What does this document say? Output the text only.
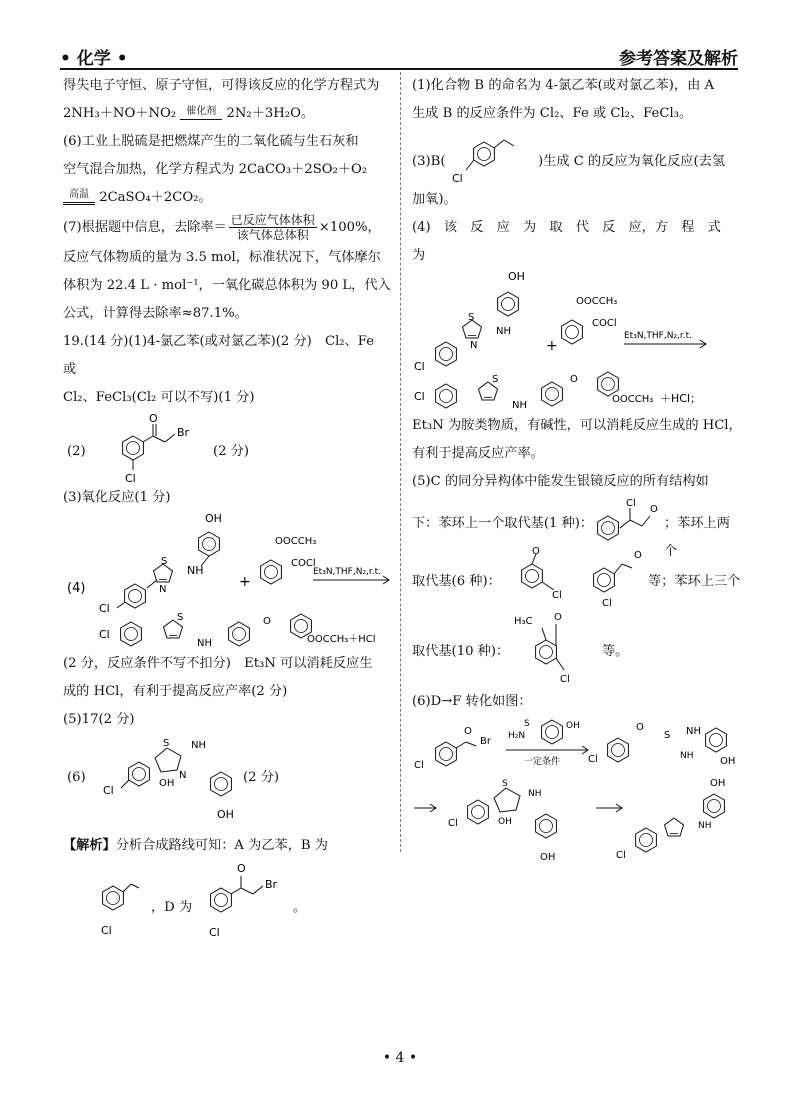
• 化学 •	参考答案及解析

得失电子守恒、原子守恒，可得该反应的化学方程式为

2NH₃＋NO＋NO₂	催化剂 2N₂＋3H₂O。

(6)工业上脱硫是把燃煤产生的二氧化硫与生石灰和

空气混合加热，化学方程式为 2CaCO₃＋2SO₂＋O₂

高温 2CaSO₄＋2CO₂。

(7)根据题中信息，去除率＝ $\frac{\text{已反应气体体积}}{\text{该气体总体积}} \times 100\%$，

反应气体物质的量为 3.5 mol，标准状况下，气体摩尔

体积为 22.4 L · mol⁻¹，一氧化碳总体积为 90 L，代入

公式，计算得去除率≈87.1%。

19.(14 分)(1)4-氯乙苯(或对氯乙苯)(2 分)　Cl₂、Fe 或

Cl₂、FeCl₃(Cl₂ 可以不写)(1 分)

(2)
Cl
O
Br
(2 分)

(3)氧化反应(1 分)

OH
NH
S
N
Cl
(4)	+
OOCCH₃
COCl
Et₃N,THF,N₂,r.t.
Cl
S
NH
O
OOCCH₃＋HCl

(2 分，反应条件不写不扣分)　Et₃N 可以消耗反应生

成的 HCl，有利于提高反应产率(2 分)

(5)17(2 分)

(6)
Cl
S
N
OH
NH
OH
(2 分)

【解析】分析合成路线可知：A 为乙苯，B 为

Cl
，D 为
O
Br
Cl
。

(1)化合物 B 的命名为 4-氯乙苯(或对氯乙苯)，由 A

生成 B 的反应条件为 Cl₂、Fe 或 Cl₂、FeCl₃。

(3)B(
Cl
)生成 C 的反应为氧化反应(去氢

加氧)。

(4)　该　反　应　为　取　代　反　应，方　程　式　为

OH
NH
S
N
Cl
+
OOCCH₃
COCl
Et₃N,THF,N₂,r.t.
Cl
S
NH
O
OOCCH₃ ＋HCl；

Et₃N 为胺类物质，有碱性，可以消耗反应生成的 HCl，

有利于提高反应产率。

(5)C 的同分异构体中能发生银镜反应的所有结构如

下：苯环上一个取代基(1 种)：
Cl
O
；苯环上两个
取代基(6 种)：
O
Cl
O
Cl
等；苯环上三个
取代基(10 种)：
H₃C O
Cl
等。

(6)D→F 转化如图：

Cl
O
Br H₂N
S	OH
一定条件	Cl
O
S NH
NH	OH
Cl
S
OH
NH
OH
OH
NH
Cl
• 4 •
